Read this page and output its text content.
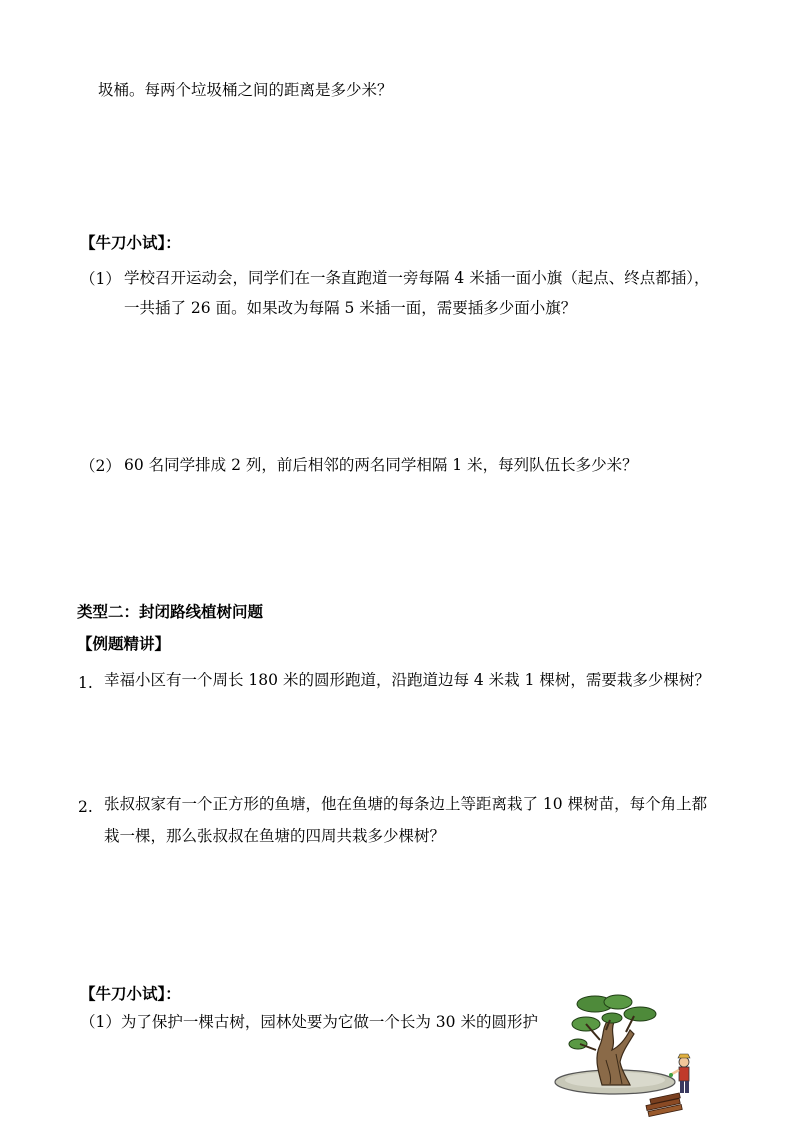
圾桶。每两个垃圾桶之间的距离是多少米？
【牛刀小试】：
（1） 学校召开运动会，同学们在一条直跑道一旁每隔 4 米插一面小旗（起点、终点都插），
一共插了 26 面。如果改为每隔 5 米插一面，需要插多少面小旗？
（2） 60 名同学排成 2 列，前后相邻的两名同学相隔 1 米，每列队伍长多少米？
类型二：封闭路线植树问题
【例题精讲】
1. 幸福小区有一个周长 180 米的圆形跑道，沿跑道边每 4 米栽 1 棵树，需要栽多少棵树？
2. 张叔叔家有一个正方形的鱼塘，他在鱼塘的每条边上等距离栽了 10 棵树苗，每个角上都
栽一棵，那么张叔叔在鱼塘的四周共栽多少棵树？
【牛刀小试】：
（1）为了保护一棵古树，园林处要为它做一个长为 30 米的圆形护
